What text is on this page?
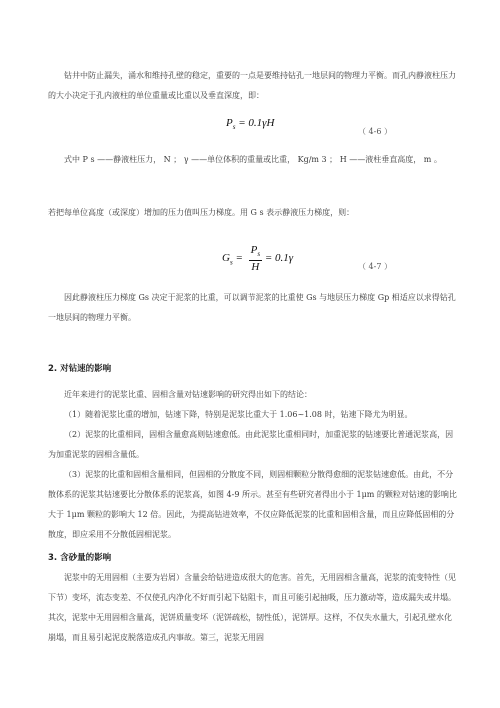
钻井中防止漏失，涌水和维持孔壁的稳定，重要的一点是要维持钻孔一地层间的物理力平衡。而孔内静液柱压力的大小决定于孔内液柱的单位重量或比重以及垂直深度，即：

$P_s = 0.1\gamma H$
（ 4-6 ）

式中 P s ——静液柱压力， N ； γ ——单位体积的重量或比重， Kg/m 3 ； H ——液柱垂直高度， m 。

若把每单位高度（或深度）增加的压力值叫压力梯度。用 G s 表示静液压力梯度，则：

$G_s = \frac{P_s}{H} = 0.1\gamma$
（ 4-7 ）

因此静液柱压力梯度 Gs 决定于泥浆的比重，可以调节泥浆的比重使 Gs 与地层压力梯度 Gp 相适应以求得钻孔一地层间的物理力平衡。

2. 对钻速的影响

近年来进行的泥浆比重、固相含量对钻速影响的研究得出如下的结论：

（1）随着泥浆比重的增加，钻速下降，特别是泥浆比重大于 1.06~1.08 时，钻速下降尤为明显。

（2）泥浆的比重相同，固相含量愈高则钻速愈低。由此泥浆比重相同时，加重泥浆的钻速要比普通泥浆高，因为加重泥浆的固相含量低。

（3）泥浆的比重和固相含量相同，但固相的分散度不同，则固相颗粒分散得愈细的泥浆钻速愈低。由此，不分散体系的泥浆其钻速要比分散体系的泥浆高，如图 4-9 所示。甚至有些研究者得出小于 1μm 的颗粒对钻速的影响比大于 1μm 颗粒的影响大 12 倍。因此，为提高钻进效率，不仅应降低泥浆的比重和固相含量，而且应降低固相的分散度，即应采用不分散低固相泥浆。

3. 含砂量的影响

泥浆中的无用固相（主要为岩屑）含量会给钻进造成很大的危害。首先，无用固相含量高，泥浆的流变特性（见下节）变坏，流态变差、不仅使孔内净化不好而引起下钻阻卡，而且可能引起抽吸，压力激动等，造成漏失或井塌。其次，泥浆中无用固相含量高，泥饼质量变坏（泥饼疏松，韧性低），泥饼厚。这样，不仅失水量大，引起孔壁水化崩塌，而且易引起泥皮脱落造成孔内事故。第三，泥浆无用固
